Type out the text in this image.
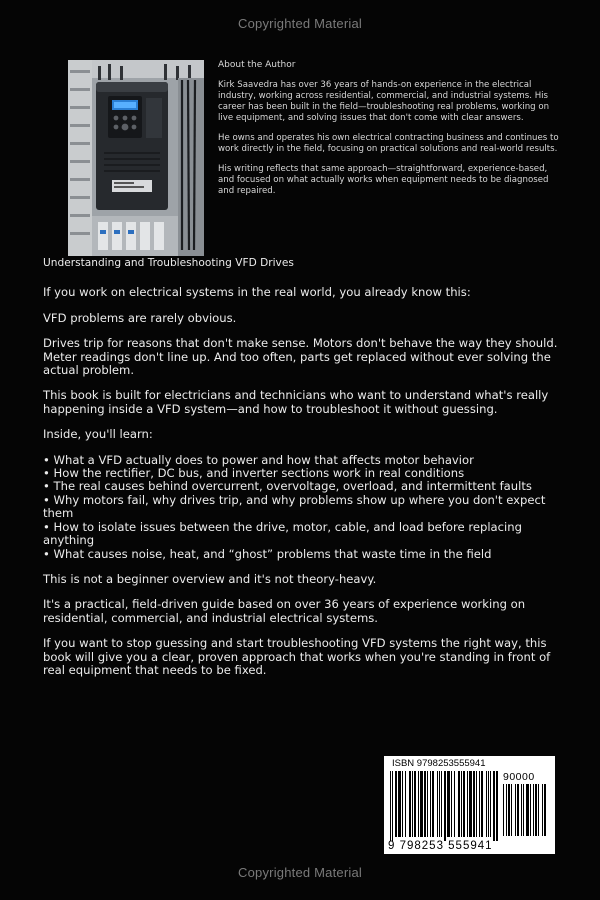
Copyrighted Material

About the Author

Kirk Saavedra has over 36 years of hands-on experience in the electrical industry, working across residential, commercial, and industrial systems. His career has been built in the field—troubleshooting real problems, working on live equipment, and solving issues that don't come with clear answers.

He owns and operates his own electrical contracting business and continues to work directly in the field, focusing on practical solutions and real-world results.

His writing reflects that same approach—straightforward, experience-based, and focused on what actually works when equipment needs to be diagnosed and repaired.

Understanding and Troubleshooting VFD Drives

If you work on electrical systems in the real world, you already know this:

VFD problems are rarely obvious.

Drives trip for reasons that don't make sense. Motors don't behave the way they should. Meter readings don't line up. And too often, parts get replaced without ever solving the actual problem.

This book is built for electricians and technicians who want to understand what's really happening inside a VFD system—and how to troubleshoot it without guessing.

Inside, you'll learn:

• What a VFD actually does to power and how that affects motor behavior
• How the rectifier, DC bus, and inverter sections work in real conditions
• The real causes behind overcurrent, overvoltage, overload, and intermittent faults
• Why motors fail, why drives trip, and why problems show up where you don't expect them
• How to isolate issues between the drive, motor, cable, and load before replacing anything
• What causes noise, heat, and “ghost” problems that waste time in the field

This is not a beginner overview and it's not theory-heavy.

It's a practical, field-driven guide based on over 36 years of experience working on residential, commercial, and industrial electrical systems.

If you want to stop guessing and start troubleshooting VFD systems the right way, this book will give you a clear, proven approach that works when you're standing in front of real equipment that needs to be fixed.

ISBN 9798253555941
90000
9 798253 555941
Copyrighted Material
